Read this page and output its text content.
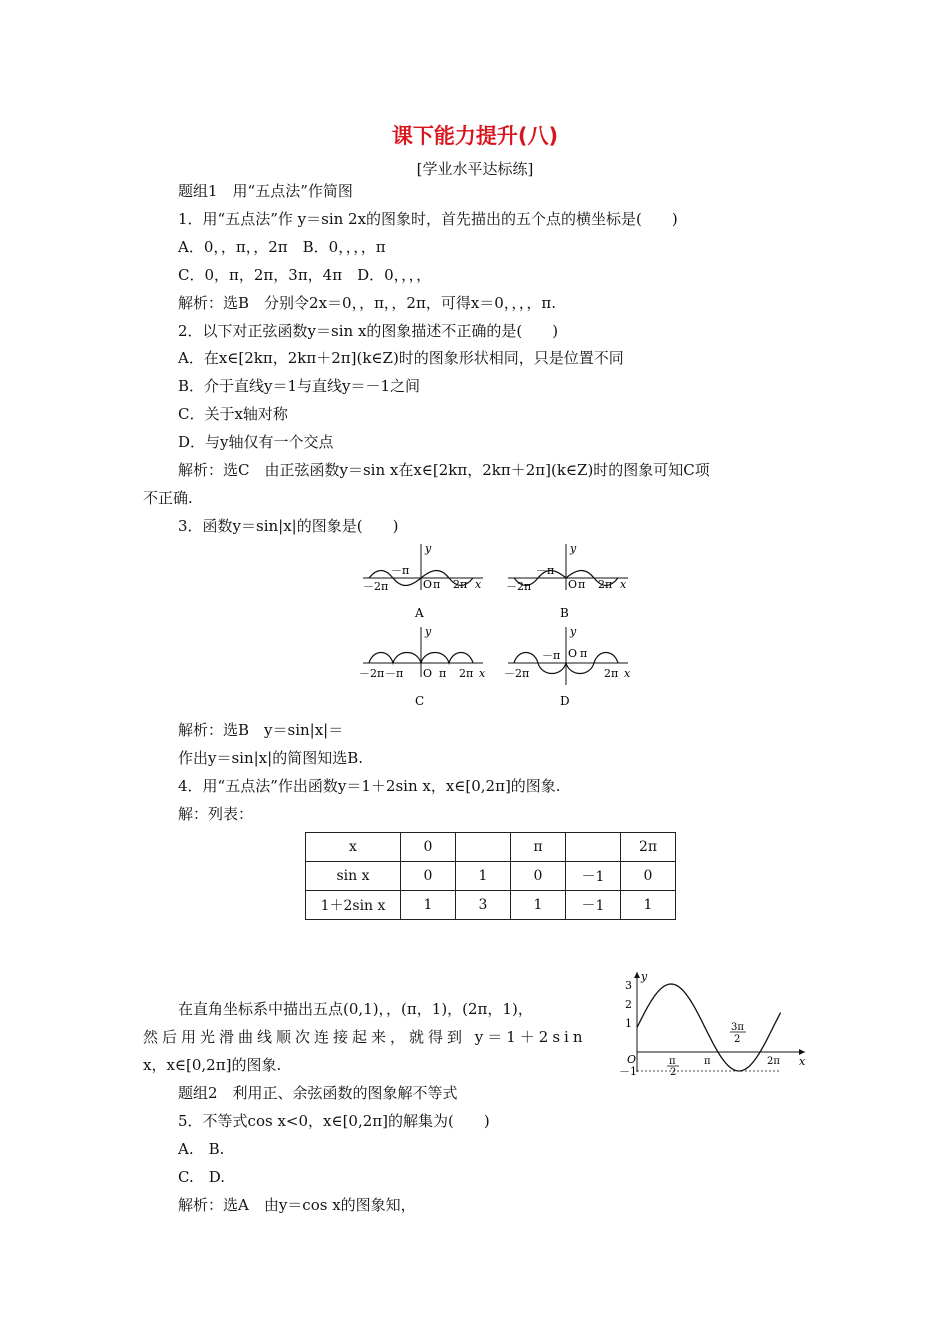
课下能力提升(八)
[学业水平达标练]
题组1　用“五点法”作简图
1．用“五点法”作 y＝sin 2x的图象时，首先描出的五个点的横坐标是(　　)
A．0，，π，，2π　B．0，，，，π
C．0，π，2π，3π，4π　D．0，，，，
解析：选B　分别令2x＝0，，π，，2π，可得x＝0，，，，π.
2．以下对正弦函数y＝sin x的图象描述不正确的是(　　)
A．在x∈[2kπ，2kπ＋2π](k∈Z)时的图象形状相同，只是位置不同
B．介于直线y＝1与直线y＝－1之间
C．关于x轴对称
D．与y轴仅有一个交点
解析：选C　由正弦函数y＝sin x在x∈[2kπ，2kπ＋2π](k∈Z)时的图象可知C项
不正确.
3．函数y＝sin|x|的图象是(　　)
－2π
－π
O π 2π x
y
A
－2π
－π
O π 2π x
y
B
－2π －π O π 2π x
y
C
－2π
－π O π
2π x
y
D
解析：选B　y＝sin|x|＝
作出y＝sin|x|的简图知选B.
4．用“五点法”作出函数y＝1＋2sin x，x∈[0,2π]的图象.
解：列表：
x	0		π		2π
sin x	0	1	0	－1	0
1＋2sin x	1	3	1	－1	1
在直角坐标系中描出五点(0,1)，，(π，1)，(2π，1)，
然后用光滑曲线顺次连接起来，就得到 y＝1＋2sin
x，x∈[0,2π]的图象.
3
2
1
O
－1
y
x
π
2
π
3π
2
2π
题组2　利用正、余弦函数的图象解不等式
5．不等式cos x<0，x∈[0,2π]的解集为(　　)
A.　B.
C.　D.
解析：选A　由y＝cos x的图象知，
